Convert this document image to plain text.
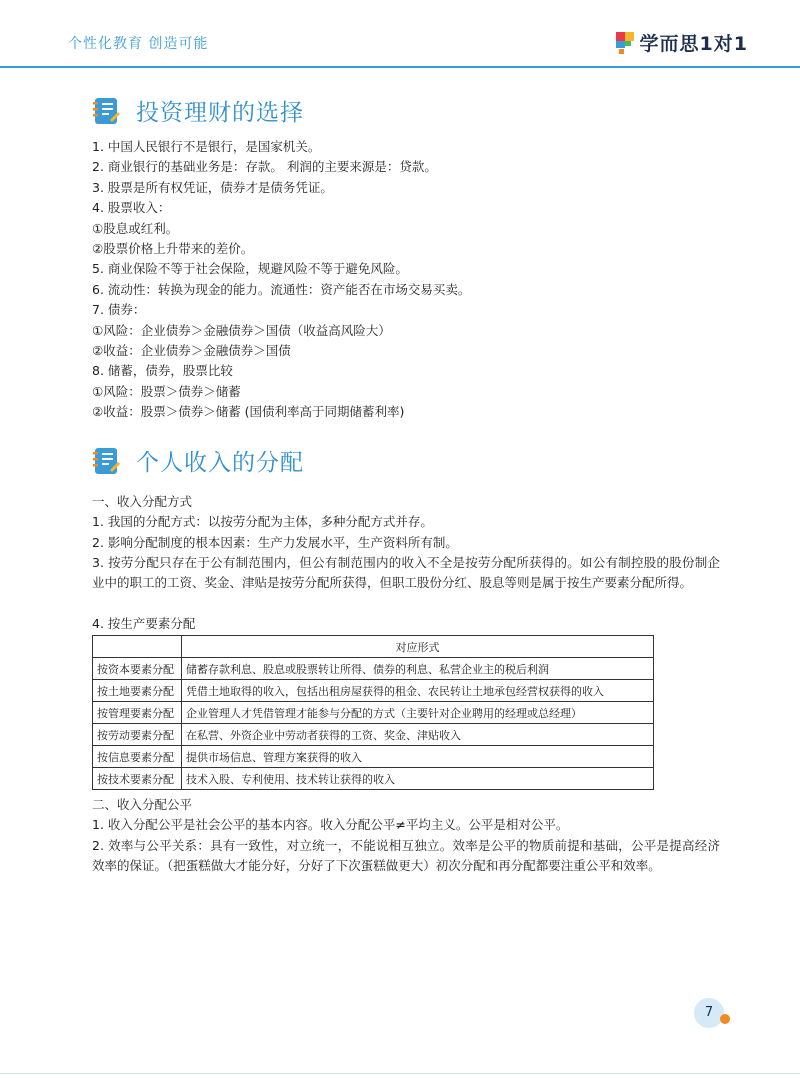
个性化教育 创造可能	学而思1对1
投资理财的选择
1. 中国人民银行不是银行，是国家机关。
2. 商业银行的基础业务是：存款。 利润的主要来源是：贷款。
3. 股票是所有权凭证，债券才是债务凭证。
4. 股票收入：
①股息或红利。
②股票价格上升带来的差价。
5. 商业保险不等于社会保险，规避风险不等于避免风险。
6. 流动性：转换为现金的能力。流通性：资产能否在市场交易买卖。
7. 债券：
①风险：企业债券＞金融债券＞国债（收益高风险大）
②收益：企业债券＞金融债券＞国债
8. 储蓄，债券，股票比较
①风险：股票＞债券＞储蓄
②收益：股票＞债券＞储蓄 (国债利率高于同期储蓄利率)
个人收入的分配
一、收入分配方式
1. 我国的分配方式：以按劳分配为主体，多种分配方式并存。
2. 影响分配制度的根本因素：生产力发展水平，生产资料所有制。
3. 按劳分配只存在于公有制范围内，但公有制范围内的收入不全是按劳分配所获得的。如公有制控股的股份制企业中的职工的工资、奖金、津贴是按劳分配所获得，但职工股份分红、股息等则是属于按生产要素分配所得。
4. 按生产要素分配
	对应形式
按资本要素分配	储蓄存款利息、股息或股票转让所得、债券的利息、私营企业主的税后利润
按土地要素分配	凭借土地取得的收入，包括出租房屋获得的租金、农民转让土地承包经营权获得的收入
按管理要素分配	企业管理人才凭借管理才能参与分配的方式（主要针对企业聘用的经理或总经理）
按劳动要素分配	在私营、外资企业中劳动者获得的工资、奖金、津贴收入
按信息要素分配	提供市场信息、管理方案获得的收入
按技术要素分配	技术入股、专利使用、技术转让获得的收入
二、收入分配公平
1. 收入分配公平是社会公平的基本内容。收入分配公平≠平均主义。公平是相对公平。
2. 效率与公平关系：具有一致性，对立统一，不能说相互独立。效率是公平的物质前提和基础，公平是提高经济效率的保证。（把蛋糕做大才能分好，分好了下次蛋糕做更大）初次分配和再分配都要注重公平和效率。
7
